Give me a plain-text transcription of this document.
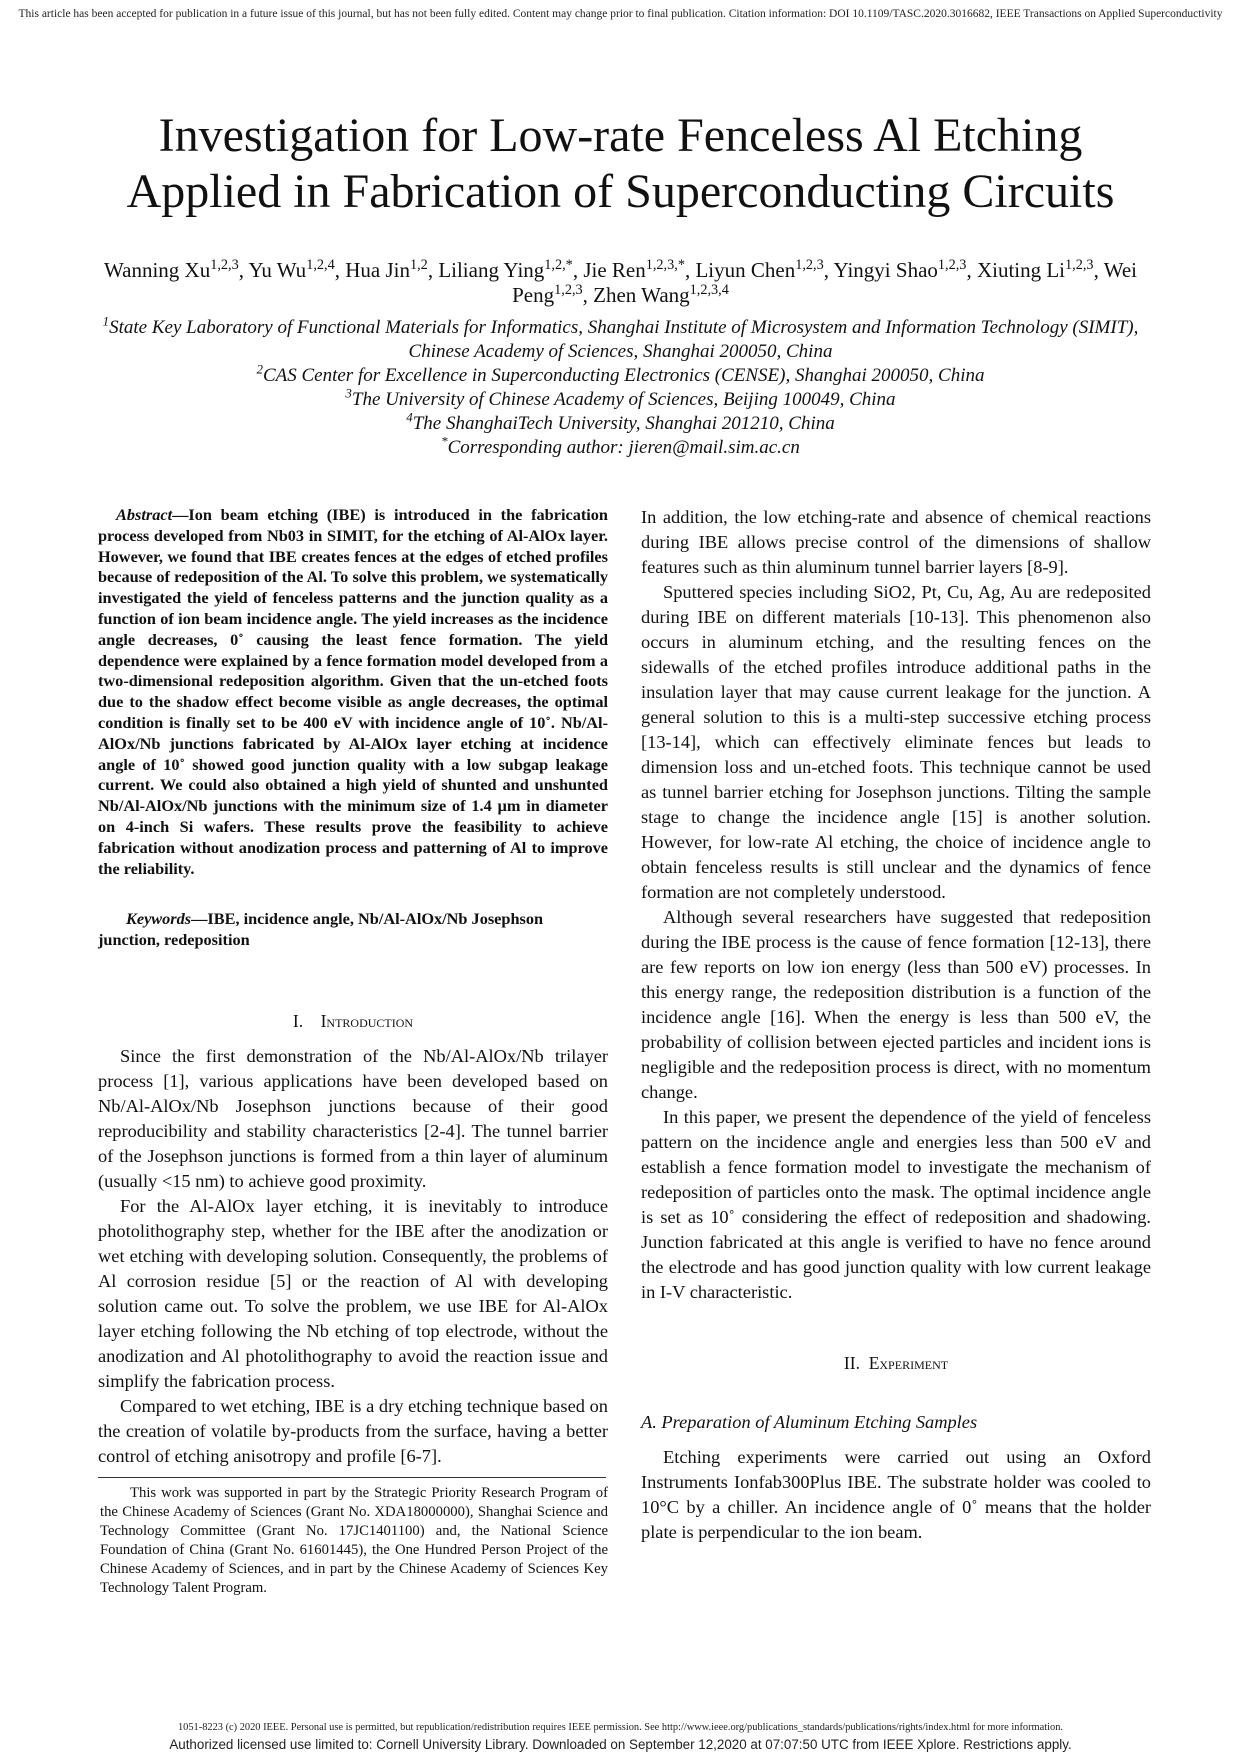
This article has been accepted for publication in a future issue of this journal, but has not been fully edited. Content may change prior to final publication. Citation information: DOI 10.1109/TASC.2020.3016682, IEEE Transactions on Applied Superconductivity
Investigation for Low-rate Fenceless Al Etching
Applied in Fabrication of Superconducting Circuits
Wanning Xu$^{1,2,3}$, Yu Wu$^{1,2,4}$, Hua Jin$^{1,2}$, Liliang Ying$^{1,2,*}$, Jie Ren$^{1,2,3,*}$, Liyun Chen$^{1,2,3}$, Yingyi Shao$^{1,2,3}$, Xiuting Li$^{1,2,3}$, Wei Peng$^{1,2,3}$, Zhen Wang$^{1,2,3,4}$
$^1$State Key Laboratory of Functional Materials for Informatics, Shanghai Institute of Microsystem and Information Technology (SIMIT), Chinese Academy of Sciences, Shanghai 200050, China
$^2$CAS Center for Excellence in Superconducting Electronics (CENSE), Shanghai 200050, China
$^3$The University of Chinese Academy of Sciences, Beijing 100049, China
$^4$The ShanghaiTech University, Shanghai 201210, China
*Corresponding author: jieren@mail.sim.ac.cn

Abstract—Ion beam etching (IBE) is introduced in the fabrication process developed from Nb03 in SIMIT, for the etching of Al-AlOx layer. However, we found that IBE creates fences at the edges of etched profiles because of redeposition of the Al. To solve this problem, we systematically investigated the yield of fenceless patterns and the junction quality as a function of ion beam incidence angle. The yield increases as the incidence angle decreases, 0˚ causing the least fence formation. The yield dependence were explained by a fence formation model developed from a two-dimensional redeposition algorithm. Given that the un-etched foots due to the shadow effect become visible as angle decreases, the optimal condition is finally set to be 400 eV with incidence angle of 10˚. Nb/Al-AlOx/Nb junctions fabricated by Al-AlOx layer etching at incidence angle of 10˚ showed good junction quality with a low subgap leakage current. We could also obtained a high yield of shunted and unshunted Nb/Al-AlOx/Nb junctions with the minimum size of 1.4 µm in diameter on 4-inch Si wafers. These results prove the feasibility to achieve fabrication without anodization process and patterning of Al to improve the reliability.

Keywords—IBE, incidence angle, Nb/Al-AlOx/Nb Josephson junction, redeposition

I. Introduction

Since the first demonstration of the Nb/Al-AlOx/Nb trilayer process [1], various applications have been developed based on Nb/Al-AlOx/Nb Josephson junctions because of their good reproducibility and stability characteristics [2-4]. The tunnel barrier of the Josephson junctions is formed from a thin layer of aluminum (usually <15 nm) to achieve good proximity.

For the Al-AlOx layer etching, it is inevitably to introduce photolithography step, whether for the IBE after the anodization or wet etching with developing solution. Consequently, the problems of Al corrosion residue [5] or the reaction of Al with developing solution came out. To solve the problem, we use IBE for Al-AlOx layer etching following the Nb etching of top electrode, without the anodization and Al photolithography to avoid the reaction issue and simplify the fabrication process.

Compared to wet etching, IBE is a dry etching technique based on the creation of volatile by-products from the surface, having a better control of etching anisotropy and profile [6-7].

This work was supported in part by the Strategic Priority Research Program of the Chinese Academy of Sciences (Grant No. XDA18000000), Shanghai Science and Technology Committee (Grant No. 17JC1401100) and, the National Science Foundation of China (Grant No. 61601445), the One Hundred Person Project of the Chinese Academy of Sciences, and in part by the Chinese Academy of Sciences Key Technology Talent Program.

In addition, the low etching-rate and absence of chemical reactions during IBE allows precise control of the dimensions of shallow features such as thin aluminum tunnel barrier layers [8-9].

Sputtered species including SiO2, Pt, Cu, Ag, Au are redeposited during IBE on different materials [10-13]. This phenomenon also occurs in aluminum etching, and the resulting fences on the sidewalls of the etched profiles introduce additional paths in the insulation layer that may cause current leakage for the junction. A general solution to this is a multi-step successive etching process [13-14], which can effectively eliminate fences but leads to dimension loss and un-etched foots. This technique cannot be used as tunnel barrier etching for Josephson junctions. Tilting the sample stage to change the incidence angle [15] is another solution. However, for low-rate Al etching, the choice of incidence angle to obtain fenceless results is still unclear and the dynamics of fence formation are not completely understood.

Although several researchers have suggested that redeposition during the IBE process is the cause of fence formation [12-13], there are few reports on low ion energy (less than 500 eV) processes. In this energy range, the redeposition distribution is a function of the incidence angle [16]. When the energy is less than 500 eV, the probability of collision between ejected particles and incident ions is negligible and the redeposition process is direct, with no momentum change.

In this paper, we present the dependence of the yield of fenceless pattern on the incidence angle and energies less than 500 eV and establish a fence formation model to investigate the mechanism of redeposition of particles onto the mask. The optimal incidence angle is set as 10˚ considering the effect of redeposition and shadowing. Junction fabricated at this angle is verified to have no fence around the electrode and has good junction quality with low current leakage in I-V characteristic.

II. Experiment
A. Preparation of Aluminum Etching Samples

Etching experiments were carried out using an Oxford Instruments Ionfab300Plus IBE. The substrate holder was cooled to 10°C by a chiller. An incidence angle of 0˚ means that the holder plate is perpendicular to the ion beam.

1051-8223 (c) 2020 IEEE. Personal use is permitted, but republication/redistribution requires IEEE permission. See http://www.ieee.org/publications_standards/publications/rights/index.html for more information.
Authorized licensed use limited to: Cornell University Library. Downloaded on September 12,2020 at 07:07:50 UTC from IEEE Xplore. Restrictions apply.
